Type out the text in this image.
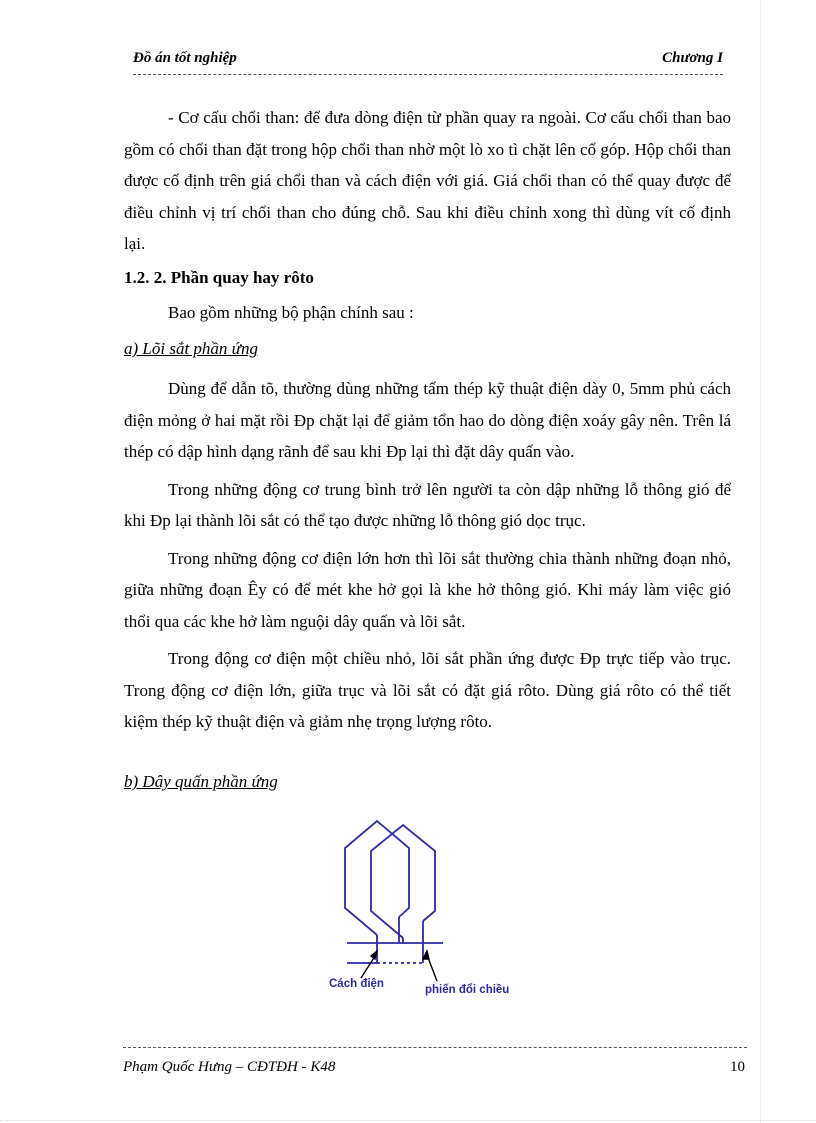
Đồ án tốt nghiệp	Chương I

- Cơ cấu chổi than: để đưa dòng điện từ phần quay ra ngoài. Cơ cấu chổi than bao gồm có chổi than đặt trong hộp chổi than nhờ một lò xo tì chặt lên cổ góp. Hộp chổi than được cố định trên giá chổi than và cách điện với giá. Giá chổi than có thể quay được để điều chỉnh vị trí chổi than cho đúng chỗ. Sau khi điều chỉnh xong thì dùng vít cố định lại.

1.2. 2. Phần quay hay rôto
Bao gồm những bộ phận chính sau :
a) Lõi sắt phần ứng

Dùng để dẫn tõ, thường dùng những tấm thép kỹ thuật điện dày 0, 5mm phủ cách điện mỏng ở hai mặt rồi Đp chặt lại để giảm tổn hao do dòng điện xoáy gây nên. Trên lá thép có dập hình dạng rãnh để sau khi Đp lại thì đặt dây quấn vào.

Trong những động cơ trung bình trở lên người ta còn dập những lỗ thông gió để khi Đp lại thành lõi sắt có thể tạo được những lỗ thông gió dọc trục.

Trong những động cơ điện lớn hơn thì lõi sắt thường chia thành những đoạn nhỏ, giữa những đoạn Êy có để mét khe hở gọi là khe hở thông gió. Khi máy làm việc gió thổi qua các khe hở làm nguội dây quấn và lõi sắt.

Trong động cơ điện một chiều nhỏ, lõi sắt phần ứng được Đp trực tiếp vào trục. Trong động cơ điện lớn, giữa trục và lõi sắt có đặt giá rôto. Dùng giá rôto có thể tiết kiệm thép kỹ thuật điện và giảm nhẹ trọng lượng rôto.

b) Dây quấn phần ứng
Cách điện	phiến đổi chiều
Phạm Quốc Hưng – CĐTĐH - K48	10
